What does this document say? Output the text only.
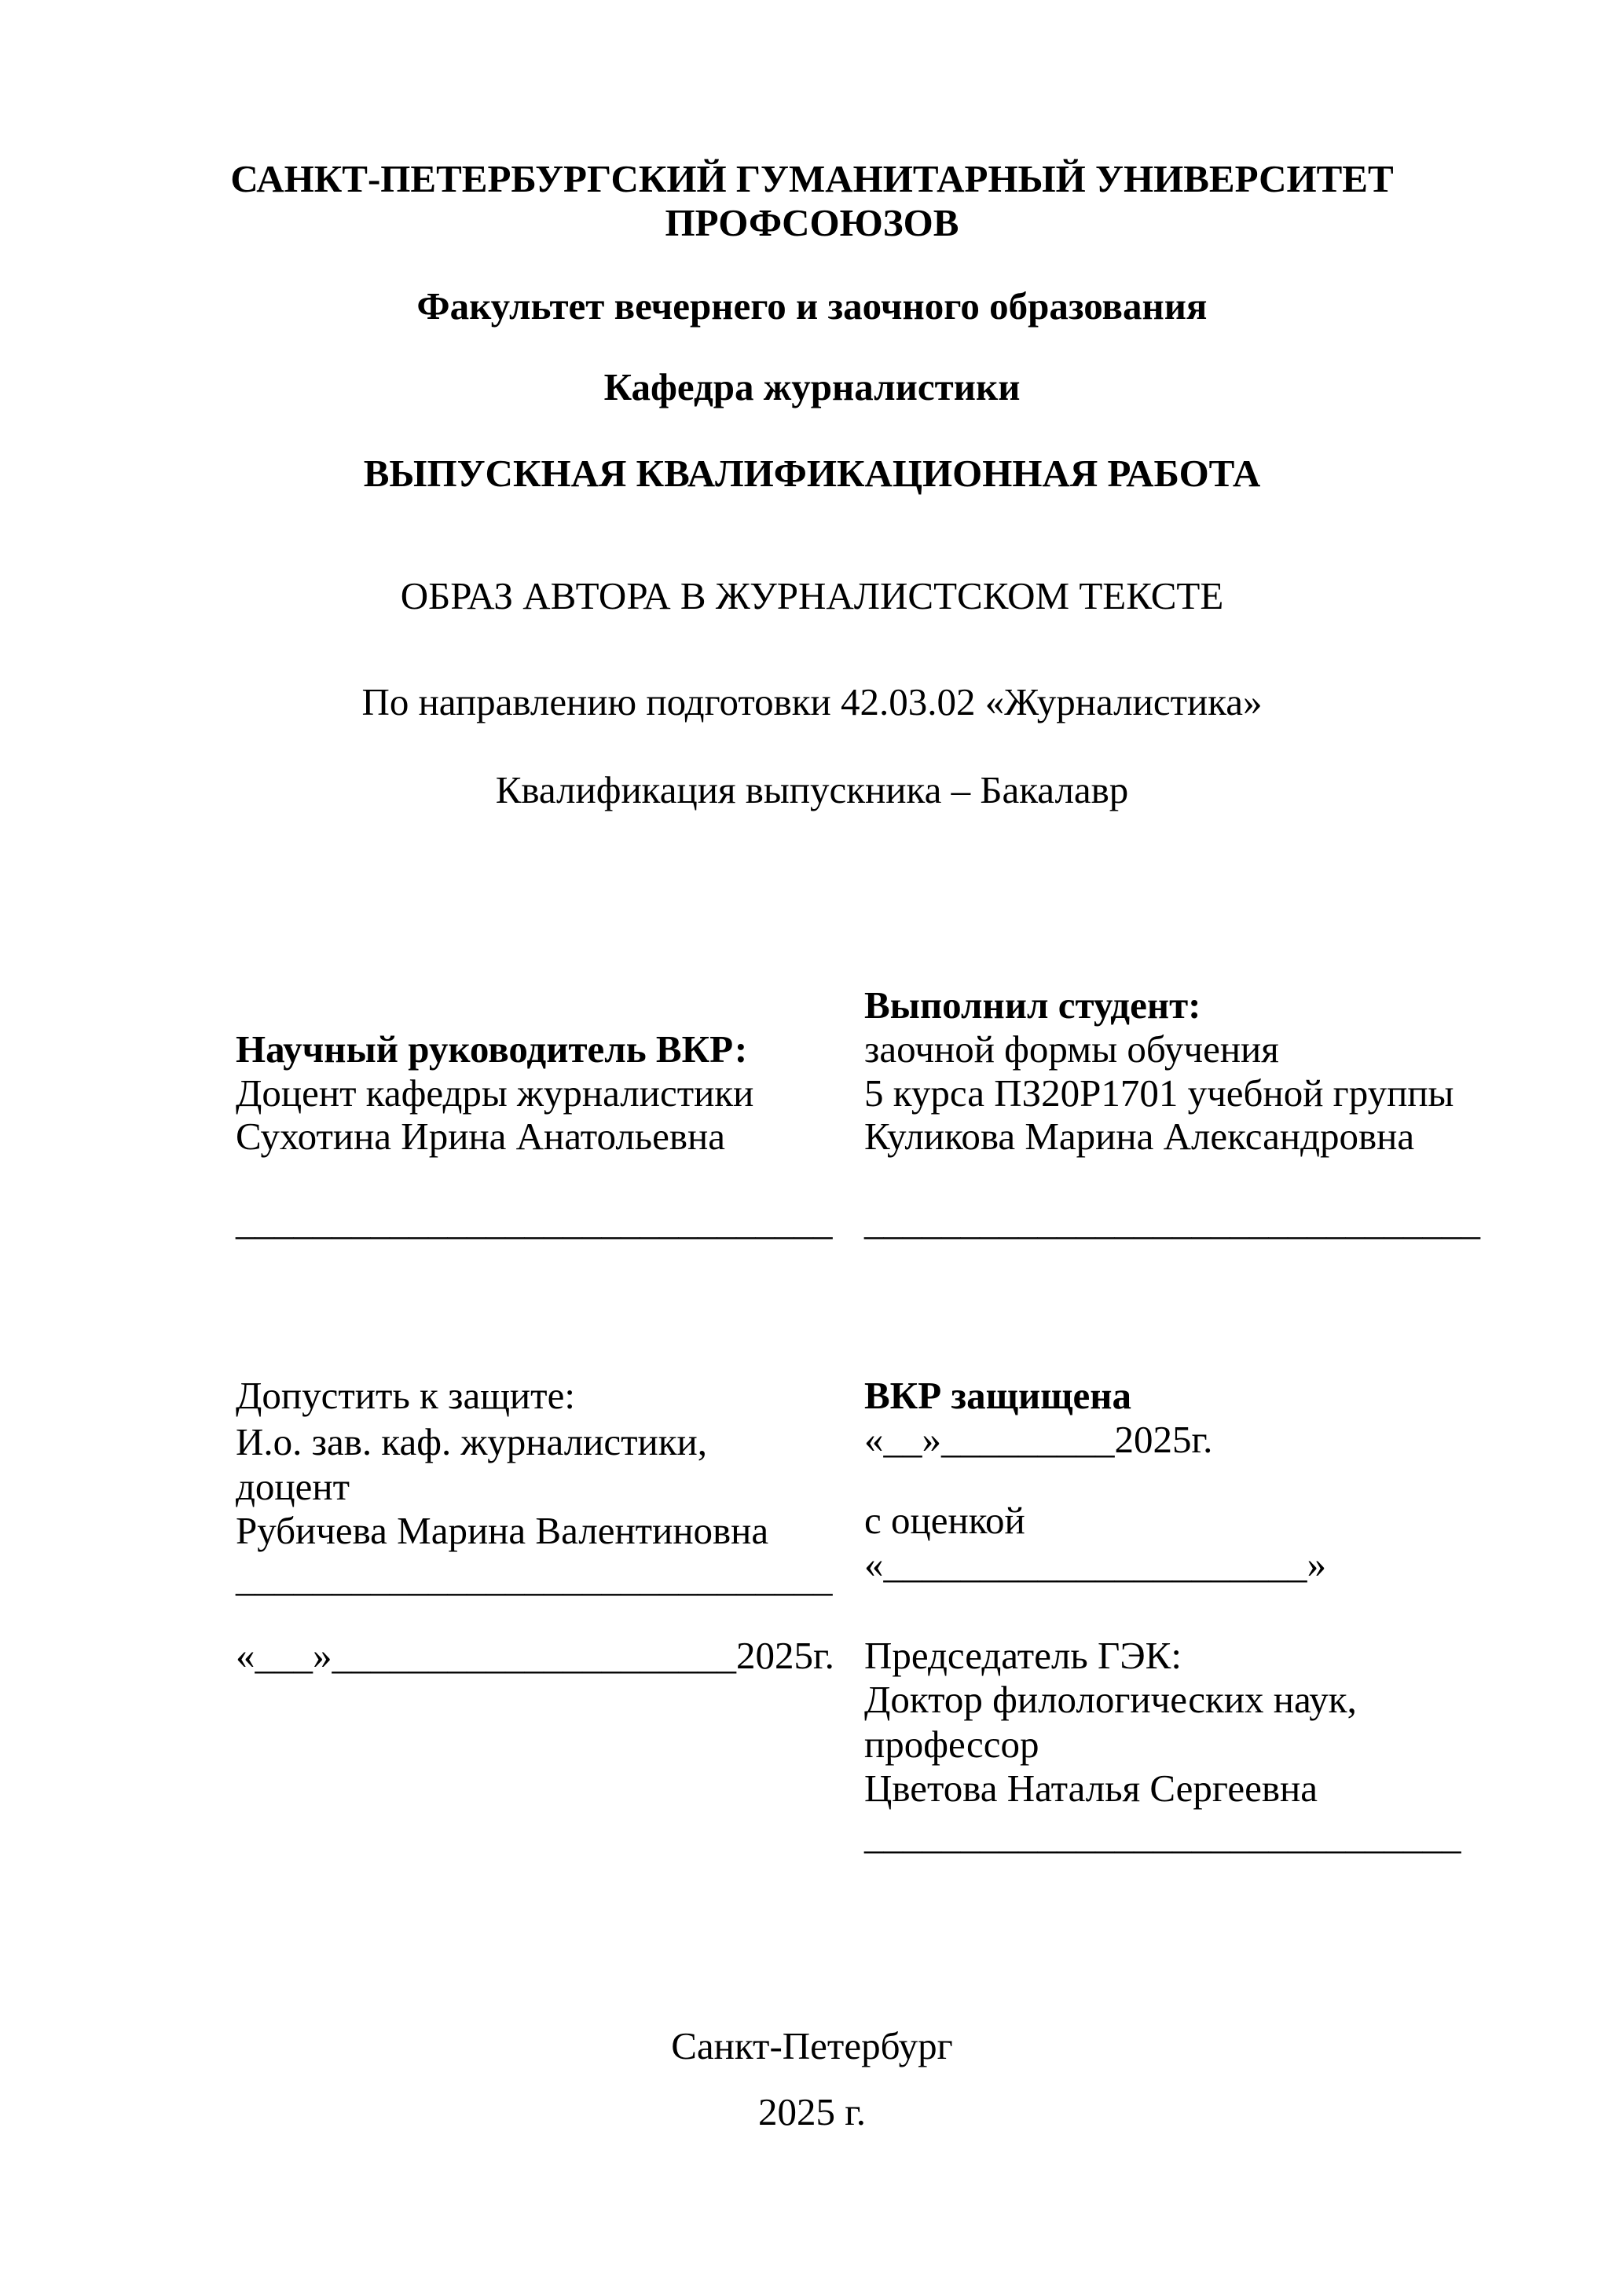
САНКТ-ПЕТЕРБУРГСКИЙ ГУМАНИТАРНЫЙ УНИВЕРСИТЕТ
ПРОФСОЮЗОВ
Факультет вечернего и заочного образования
Кафедра журналистики
ВЫПУСКНАЯ КВАЛИФИКАЦИОННАЯ РАБОТА
ОБРАЗ АВТОРА В ЖУРНАЛИСТСКОМ ТЕКСТЕ
По направлению подготовки 42.03.02 «Журналистика»
Квалификация выпускника – Бакалавр
Научный руководитель ВКР:
Доцент кафедры журналистики
Сухотина Ирина Анатольевна
_______________________________
Выполнил студент:
заочной формы обучения
5 курса ПЗ20Р1701 учебной группы
Куликова Марина Александровна
________________________________
Допустить к защите:
И.о. зав. каф. журналистики,
доцент
Рубичева Марина Валентиновна
_______________________________
«___»_____________________2025г.
ВКР защищена
«__»_________2025г.
с оценкой
«______________________»
Председатель ГЭК:
Доктор филологических наук,
профессор
Цветова Наталья Сергеевна
_______________________________
Санкт-Петербург
2025 г.
